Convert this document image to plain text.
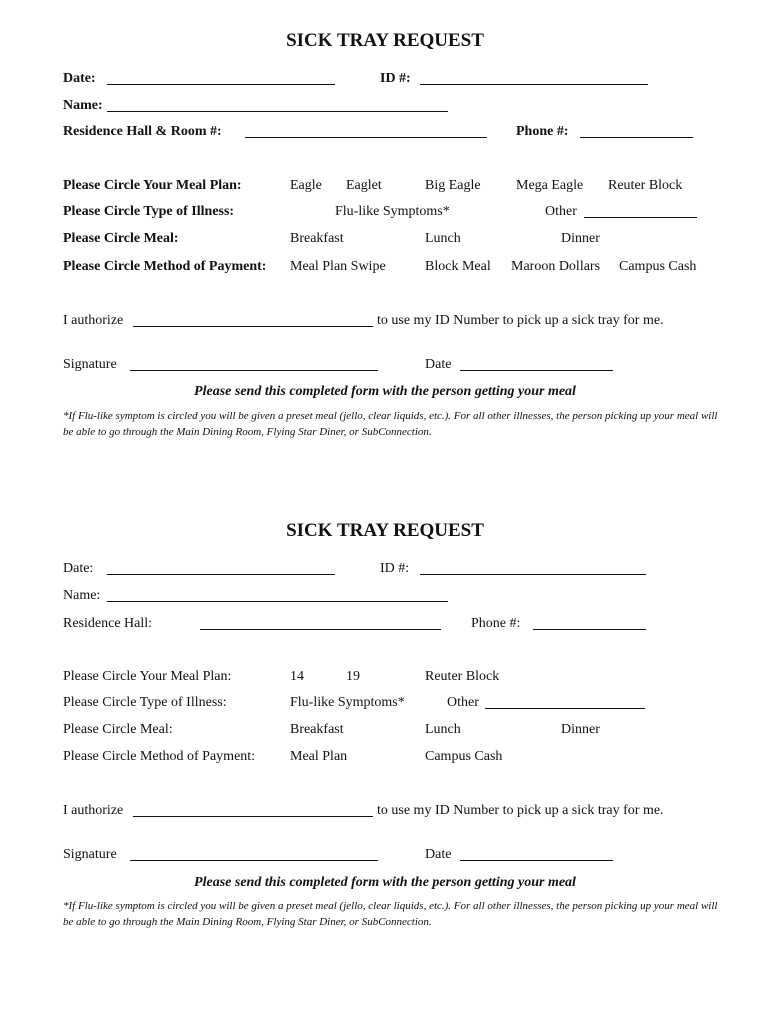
SICK TRAY REQUEST
Date:	ID #:
Name:
Residence Hall & Room #:	Phone #:
Please Circle Your Meal Plan:	Eagle Eaglet	Big Eagle	Mega Eagle Reuter Block
Please Circle Type of Illness:	Flu-like Symptoms*	Other
Please Circle Meal:	Breakfast	Lunch	Dinner
Please Circle Method of Payment: Meal Plan Swipe	Block Meal Maroon Dollars Campus Cash
I authorize	to use my ID Number to pick up a sick tray for me.
Signature	Date
Please send this completed form with the person getting your meal
*If Flu-like symptom is circled you will be given a preset meal (jello, clear liquids, etc.). For all other illnesses, the person picking up your meal will be able to go through the Main Dining Room, Flying Star Diner, or SubConnection.
SICK TRAY REQUEST
Date:	ID #:
Name:
Residence Hall:	Phone #:
Please Circle Your Meal Plan:	14	19	Reuter Block
Please Circle Type of Illness:	Flu-like Symptoms*	Other
Please Circle Meal:	Breakfast	Lunch	Dinner
Please Circle Method of Payment: Meal Plan	Campus Cash
I authorize	to use my ID Number to pick up a sick tray for me.
Signature	Date
Please send this completed form with the person getting your meal
*If Flu-like symptom is circled you will be given a preset meal (jello, clear liquids, etc.). For all other illnesses, the person picking up your meal will be able to go through the Main Dining Room, Flying Star Diner, or SubConnection.
